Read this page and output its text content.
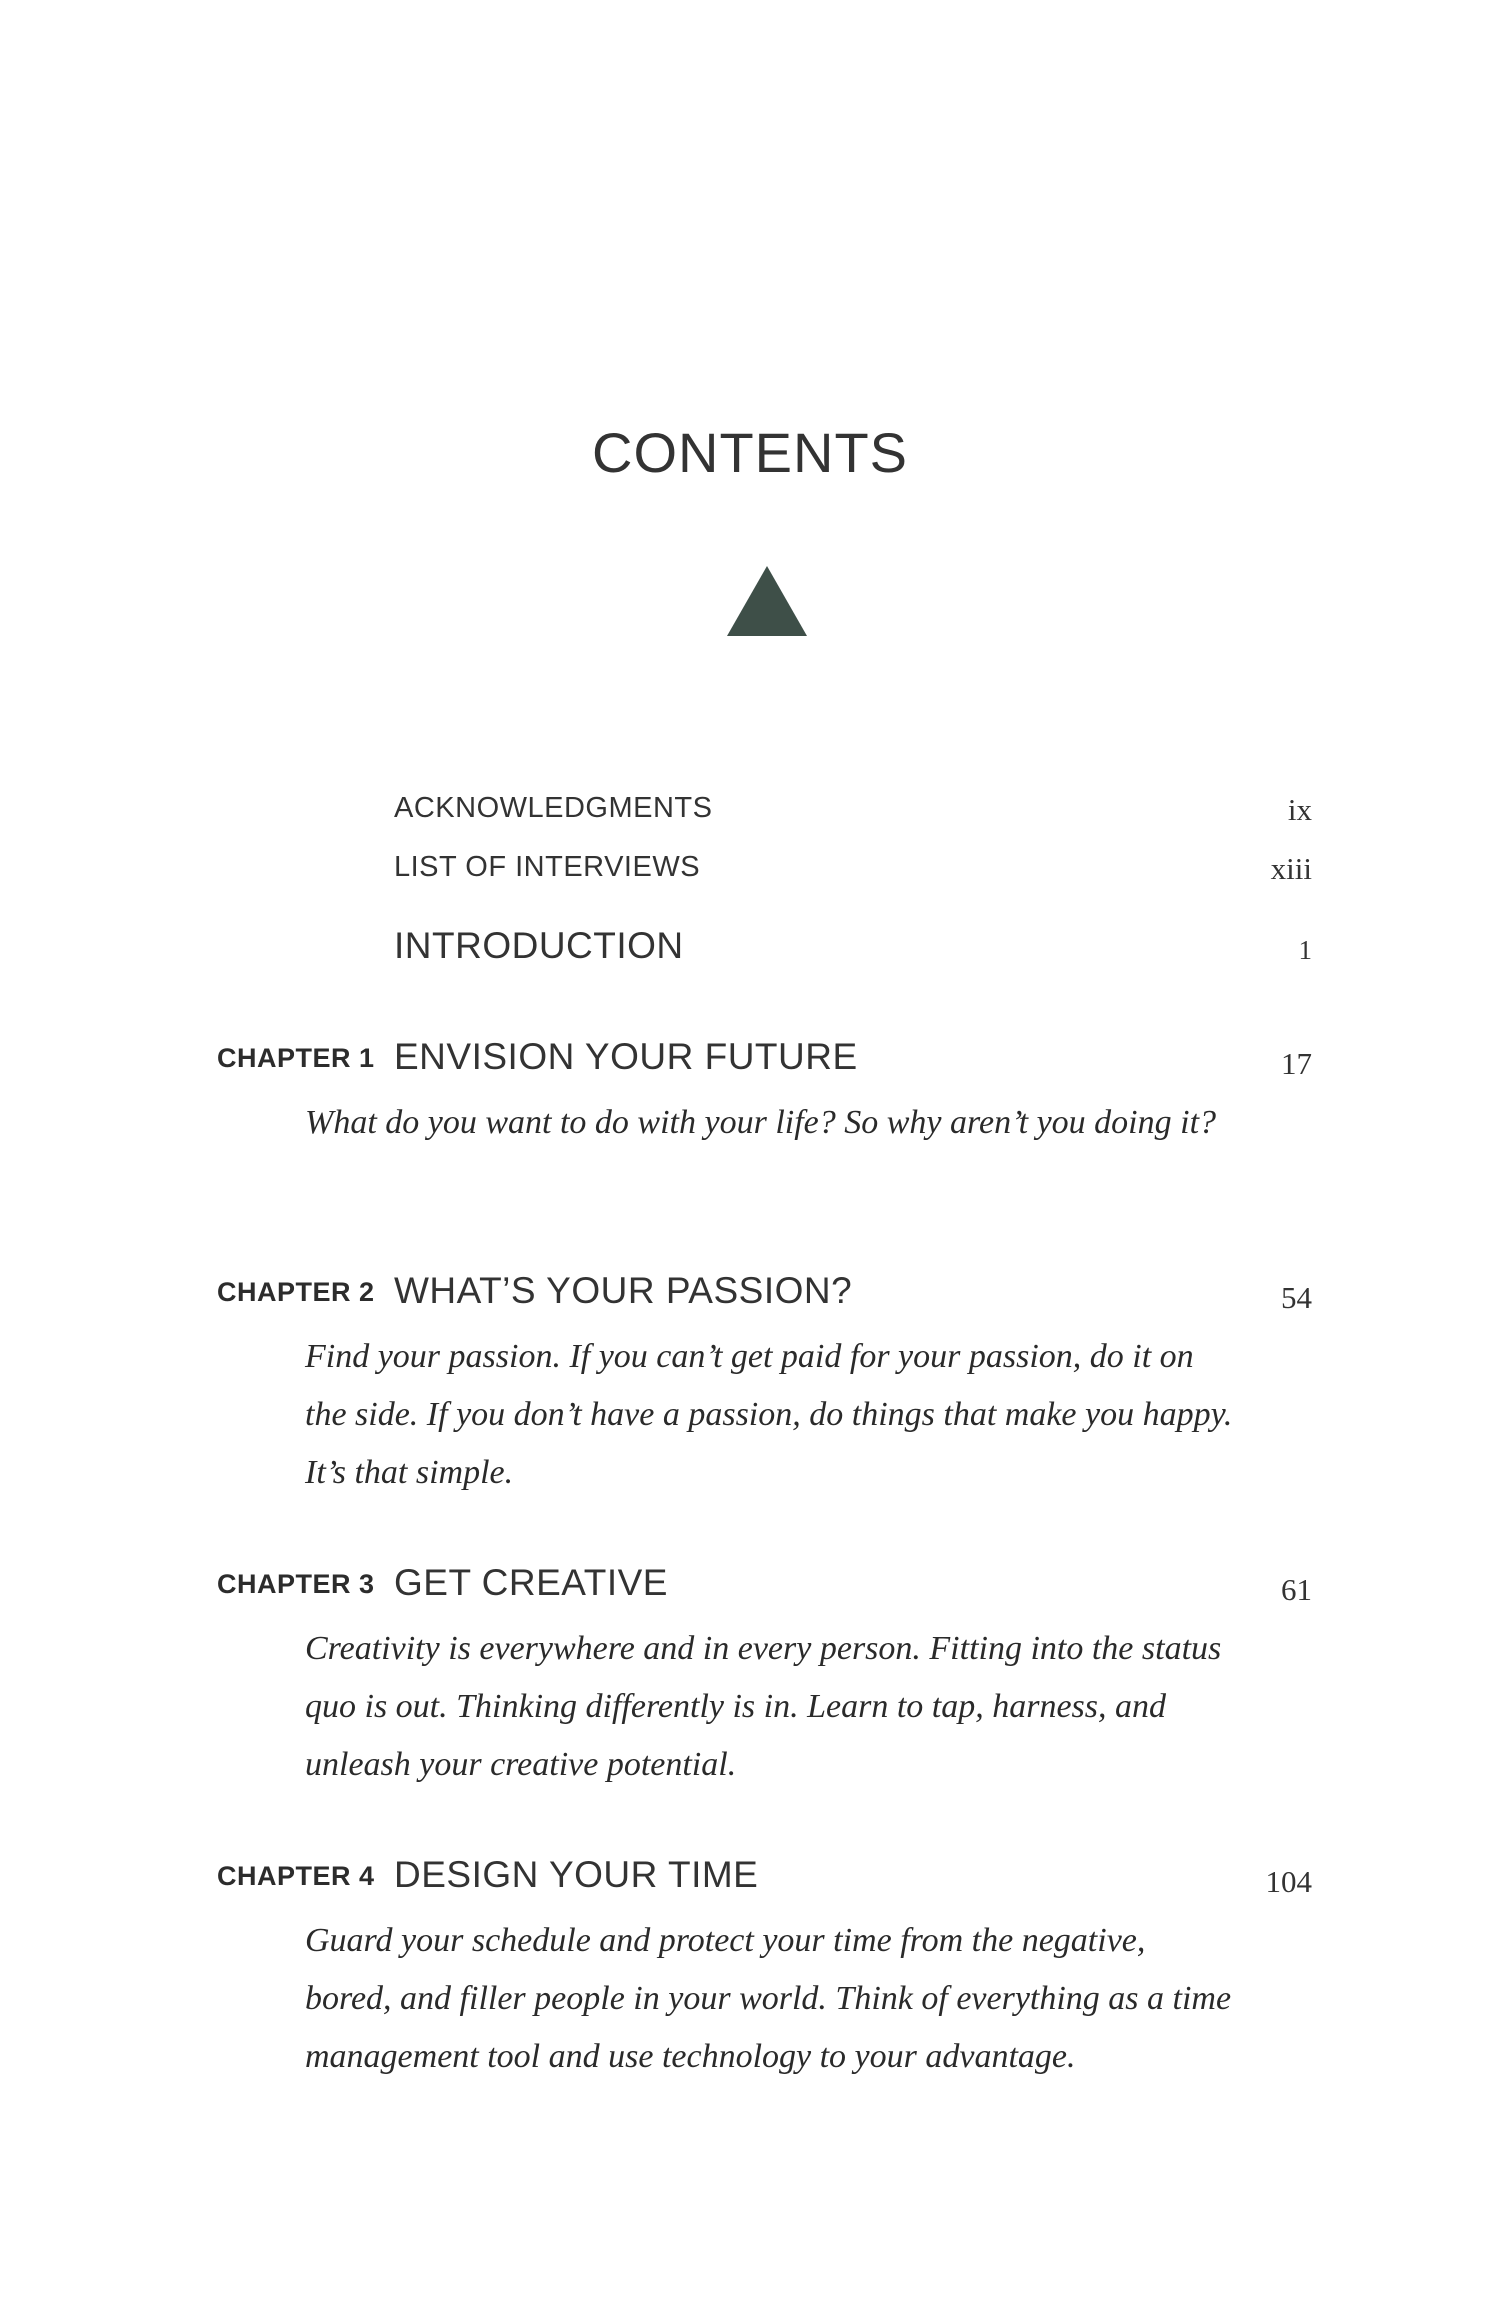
CONTENTS
ACKNOWLEDGMENTS	ix
LIST OF INTERVIEWS	xiii
INTRODUCTION	1
CHAPTER 1 ENVISION YOUR FUTURE	17
What do you want to do with your life? So why aren’t you doing it?
CHAPTER 2 WHAT’S YOUR PASSION?	54
Find your passion. If you can’t get paid for your passion, do it on the side. If you don’t have a passion, do things that make you happy. It’s that simple.
CHAPTER 3 GET CREATIVE	61
Creativity is everywhere and in every person. Fitting into the status quo is out. Thinking differently is in. Learn to tap, harness, and unleash your creative potential.
CHAPTER 4 DESIGN YOUR TIME	104
Guard your schedule and protect your time from the negative, bored, and filler people in your world. Think of everything as a time management tool and use technology to your advantage.
